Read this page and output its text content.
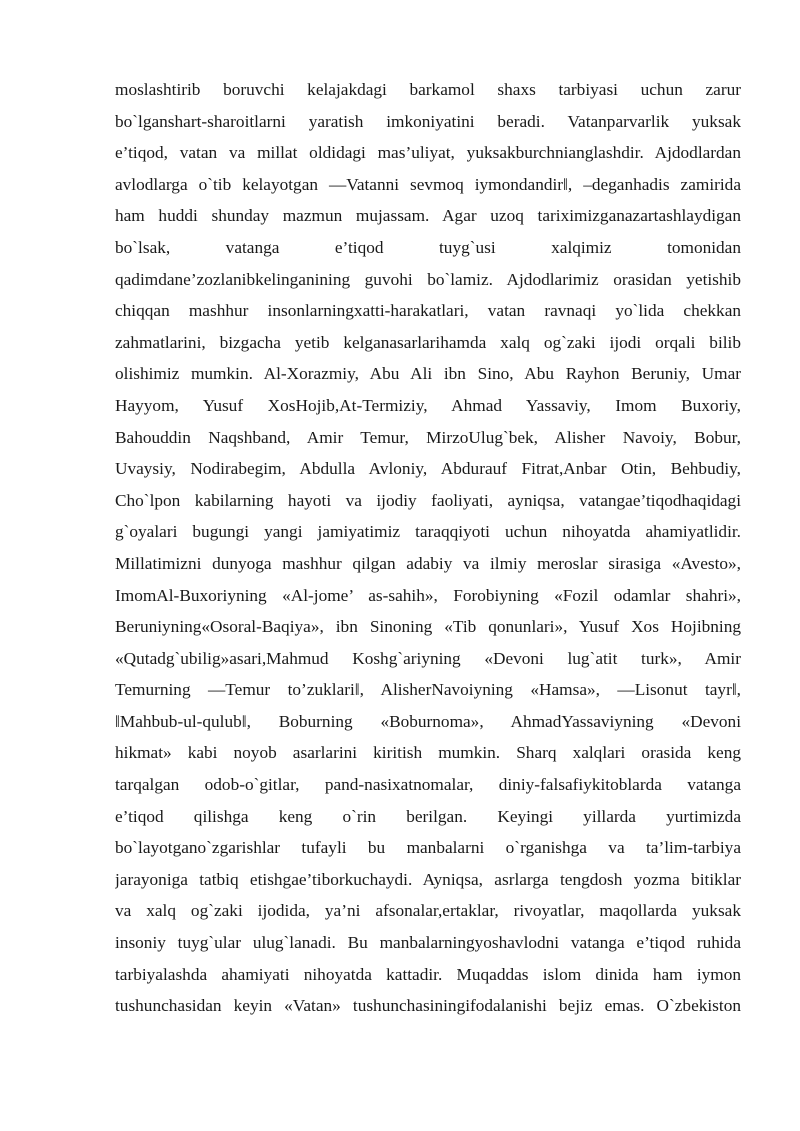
moslashtirib boruvchi kelajakdagi barkamol shaxs tarbiyasi uchun zarur
bo`lganshart-sharoitlarni yaratish imkoniyatini beradi. Vatanparvarlik yuksak
e’tiqod, vatan va millat oldidagi mas’uliyat, yuksakburchnianglashdir. Ajdodlardan
avlodlarga o`tib kelayotgan ―Vatanni sevmoq iymondandir‖, –deganhadis zamirida
ham huddi shunday mazmun mujassam. Agar uzoq tariximizganazartashlaydigan
bo`lsak, vatanga e’tiqod tuyg`usi xalqimiz tomonidan
qadimdane’zozlanibkelinganining guvohi bo`lamiz. Ajdodlarimiz orasidan yetishib
chiqqan mashhur insonlarningxatti-harakatlari, vatan ravnaqi yo`lida chekkan
zahmatlarini, bizgacha yetib kelganasarlarihamda xalq og`zaki ijodi orqali bilib
olishimiz mumkin. Al-Xorazmiy, Abu Ali ibn Sino, Abu Rayhon Beruniy, Umar
Hayyom, Yusuf XosHojib,At-Termiziy, Ahmad Yassaviy, Imom Buxoriy,
Bahouddin Naqshband, Amir Temur, MirzoUlug`bek, Alisher Navoiy, Bobur,
Uvaysiy, Nodirabegim, Abdulla Avloniy, Abdurauf Fitrat,Anbar Otin, Behbudiy,
Cho`lpon kabilarning hayoti va ijodiy faoliyati, ayniqsa, vatangae’tiqodhaqidagi
g`oyalari bugungi yangi jamiyatimiz taraqqiyoti uchun nihoyatda ahamiyatlidir.
Millatimizni dunyoga mashhur qilgan adabiy va ilmiy meroslar sirasiga «Avesto»,
ImomAl-Buxoriyning «Al-jome’ as-sahih», Forobiyning «Fozil odamlar shahri»,
Beruniyning«Osoral-Baqiya», ibn Sinoning «Tib qonunlari», Yusuf Xos Hojibning
«Qutadg`ubilig»asari,Mahmud Koshg`ariyning «Devoni lug`atit turk», Amir
Temurning ―Temur to’zuklari‖, AlisherNavoiyning «Hamsa», ―Lisonut tayr‖,
‖Mahbub-ul-qulub‖, Boburning «Boburnoma», AhmadYassaviyning «Devoni
hikmat» kabi noyob asarlarini kiritish mumkin. Sharq xalqlari orasida keng
tarqalgan odob-o`gitlar, pand-nasixatnomalar, diniy-falsafiykitoblarda vatanga
e’tiqod qilishga keng o`rin berilgan. Keyingi yillarda yurtimizda
bo`layotgano`zgarishlar tufayli bu manbalarni o`rganishga va ta’lim-tarbiya
jarayoniga tatbiq etishgae’tiborkuchaydi. Ayniqsa, asrlarga tengdosh yozma bitiklar
va xalq og`zaki ijodida, ya’ni afsonalar,ertaklar, rivoyatlar, maqollarda yuksak
insoniy tuyg`ular ulug`lanadi. Bu manbalarningyoshavlodni vatanga e’tiqod ruhida
tarbiyalashda ahamiyati nihoyatda kattadir. Muqaddas islom dinida ham iymon
tushunchasidan keyin «Vatan» tushunchasiningifodalanishi bejiz emas. O`zbekiston
